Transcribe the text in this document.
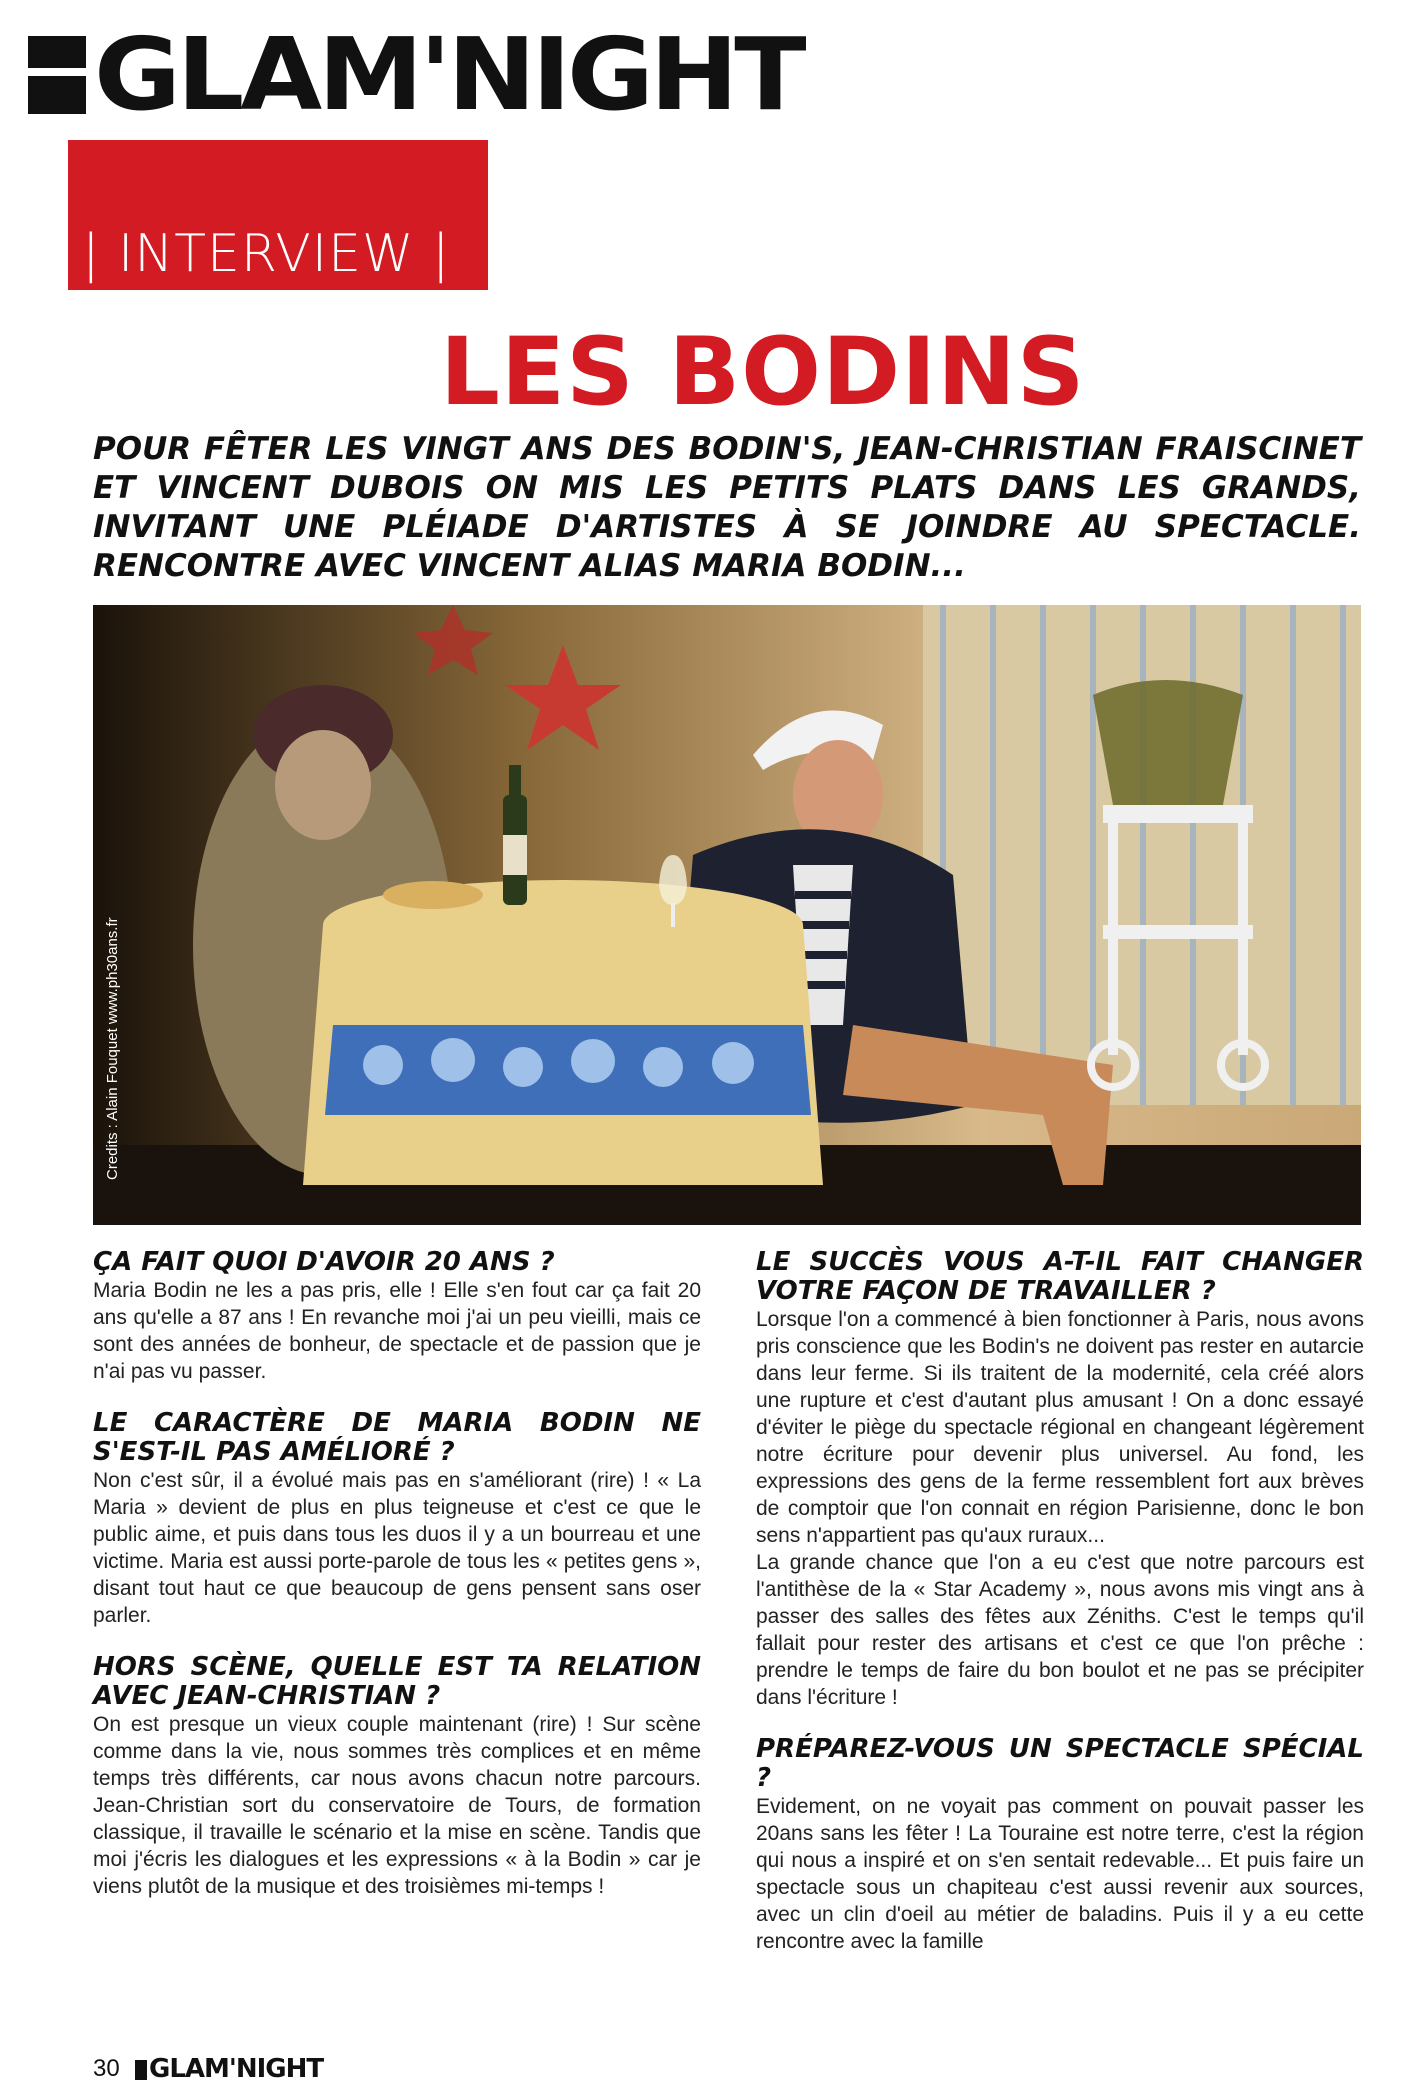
GLAM'NIGHT
| INTERVIEW |
LES BODINS

POUR FÊTER LES VINGT ANS DES BODIN'S, JEAN-CHRISTIAN FRAISCINET ET VINCENT DUBOIS ON MIS LES PETITS PLATS DANS LES GRANDS, INVITANT UNE PLÉIADE D'ARTISTES À SE JOINDRE AU SPECTACLE. RENCONTRE AVEC VINCENT ALIAS MARIA BODIN...

Credits : Alain Fouquet www.ph30ans.fr
ÇA FAIT QUOI D'AVOIR 20 ANS ?

Maria Bodin ne les a pas pris, elle ! Elle s'en fout car ça fait 20 ans qu'elle a 87 ans ! En revanche moi j'ai un peu vieilli, mais ce sont des années de bonheur, de spectacle et de passion que je n'ai pas vu passer.

LE CARACTÈRE DE MARIA BODIN NE S'EST-IL PAS AMÉLIORÉ ?

Non c'est sûr, il a évolué mais pas en s'améliorant (rire) ! « La Maria » devient de plus en plus teigneuse et c'est ce que le public aime, et puis dans tous les duos il y a un bourreau et une victime. Maria est aussi porte-parole de tous les « petites gens », disant tout haut ce que beaucoup de gens pensent sans oser parler.

HORS SCÈNE, QUELLE EST TA RELATION AVEC JEAN-CHRISTIAN ?

On est presque un vieux couple maintenant (rire) ! Sur scène comme dans la vie, nous sommes très complices et en même temps très différents, car nous avons chacun notre parcours. Jean-Christian sort du conservatoire de Tours, de formation classique, il travaille le scénario et la mise en scène. Tandis que moi j'écris les dialogues et les expressions « à la Bodin » car je viens plutôt de la musique et des troisièmes mi-temps !

LE SUCCÈS VOUS A-T-IL FAIT CHANGER VOTRE FAÇON DE TRAVAILLER ?

Lorsque l'on a commencé à bien fonctionner à Paris, nous avons pris conscience que les Bodin's ne doivent pas rester en autarcie dans leur ferme. Si ils traitent de la modernité, cela créé alors une rupture et c'est d'autant plus amusant ! On a donc essayé d'éviter le piège du spectacle régional en changeant légèrement notre écriture pour devenir plus universel. Au fond, les expressions des gens de la ferme ressemblent fort aux brèves de comptoir que l'on connait en région Parisienne, donc le bon sens n'appartient pas qu'aux ruraux...

La grande chance que l'on a eu c'est que notre parcours est l'antithèse de la « Star Academy », nous avons mis vingt ans à passer des salles des fêtes aux Zéniths. C'est le temps qu'il fallait pour rester des artisans et c'est ce que l'on prêche : prendre le temps de faire du bon boulot et ne pas se précipiter dans l'écriture !

PRÉPAREZ-VOUS UN SPECTACLE SPÉCIAL ?

Evidement, on ne voyait pas comment on pouvait passer les 20ans sans les fêter ! La Touraine est notre terre, c'est la région qui nous a inspiré et on s'en sentait redevable... Et puis faire un spectacle sous un chapiteau c'est aussi revenir aux sources, avec un clin d'oeil au métier de baladins. Puis il y a eu cette rencontre avec la famille

30 GLAM'NIGHT
